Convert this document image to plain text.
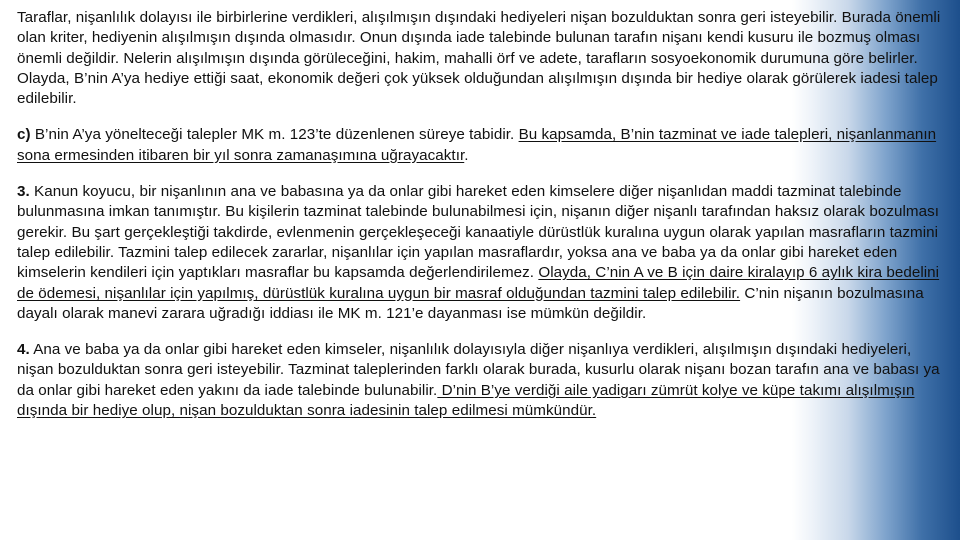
Taraflar, nişanlılık dolayısı ile birbirlerine verdikleri, alışılmışın dışındaki hediyeleri nişan bozulduktan sonra geri isteyebilir. Burada önemli olan kriter, hediyenin alışılmışın dışında olmasıdır. Onun dışında iade talebinde bulunan tarafın nişanı kendi kusuru ile bozmuş olması önemli değildir. Nelerin alışılmışın dışında görüleceğini, hakim, mahalli örf ve adete, tarafların sosyoekonomik durumuna göre belirler. Olayda, B’nin A’ya hediye ettiği saat, ekonomik değeri çok yüksek olduğundan alışılmışın dışında bir hediye olarak görülerek iadesi talep edilebilir.

c) B’nin A’ya yönelteceği talepler MK m. 123’te düzenlenen süreye tabidir. Bu kapsamda, B’nin tazminat ve iade talepleri, nişanlanmanın sona ermesinden itibaren bir yıl sonra zamanaşımına uğrayacaktır.

3. Kanun koyucu, bir nişanlının ana ve babasına ya da onlar gibi hareket eden kimselere diğer nişanlıdan maddi tazminat talebinde bulunmasına imkan tanımıştır. Bu kişilerin tazminat talebinde bulunabilmesi için, nişanın diğer nişanlı tarafından haksız olarak bozulması gerekir. Bu şart gerçekleştiği takdirde, evlenmenin gerçekleşeceği kanaatiyle dürüstlük kuralına uygun olarak yapılan masrafların tazmini talep edilebilir. Tazmini talep edilecek zararlar, nişanlılar için yapılan masraflardır, yoksa ana ve baba ya da onlar gibi hareket eden kimselerin kendileri için yaptıkları masraflar bu kapsamda değerlendirilemez. Olayda, C’nin A ve B için daire kiralayıp 6 aylık kira bedelini de ödemesi, nişanlılar için yapılmış, dürüstlük kuralına uygun bir masraf olduğundan tazmini talep edilebilir. C’nin nişanın bozulmasına dayalı olarak manevi zarara uğradığı iddiası ile MK m. 121’e dayanması ise mümkün değildir.

4. Ana ve baba ya da onlar gibi hareket eden kimseler, nişanlılık dolayısıyla diğer nişanlıya verdikleri, alışılmışın dışındaki hediyeleri, nişan bozulduktan sonra geri isteyebilir. Tazminat taleplerinden farklı olarak burada, kusurlu olarak nişanı bozan tarafın ana ve babası ya da onlar gibi hareket eden yakını da iade talebinde bulunabilir. D’nin B’ye verdiği aile yadigarı zümrüt kolye ve küpe takımı alışılmışın dışında bir hediye olup, nişan bozulduktan sonra iadesinin talep edilmesi mümkündür.
